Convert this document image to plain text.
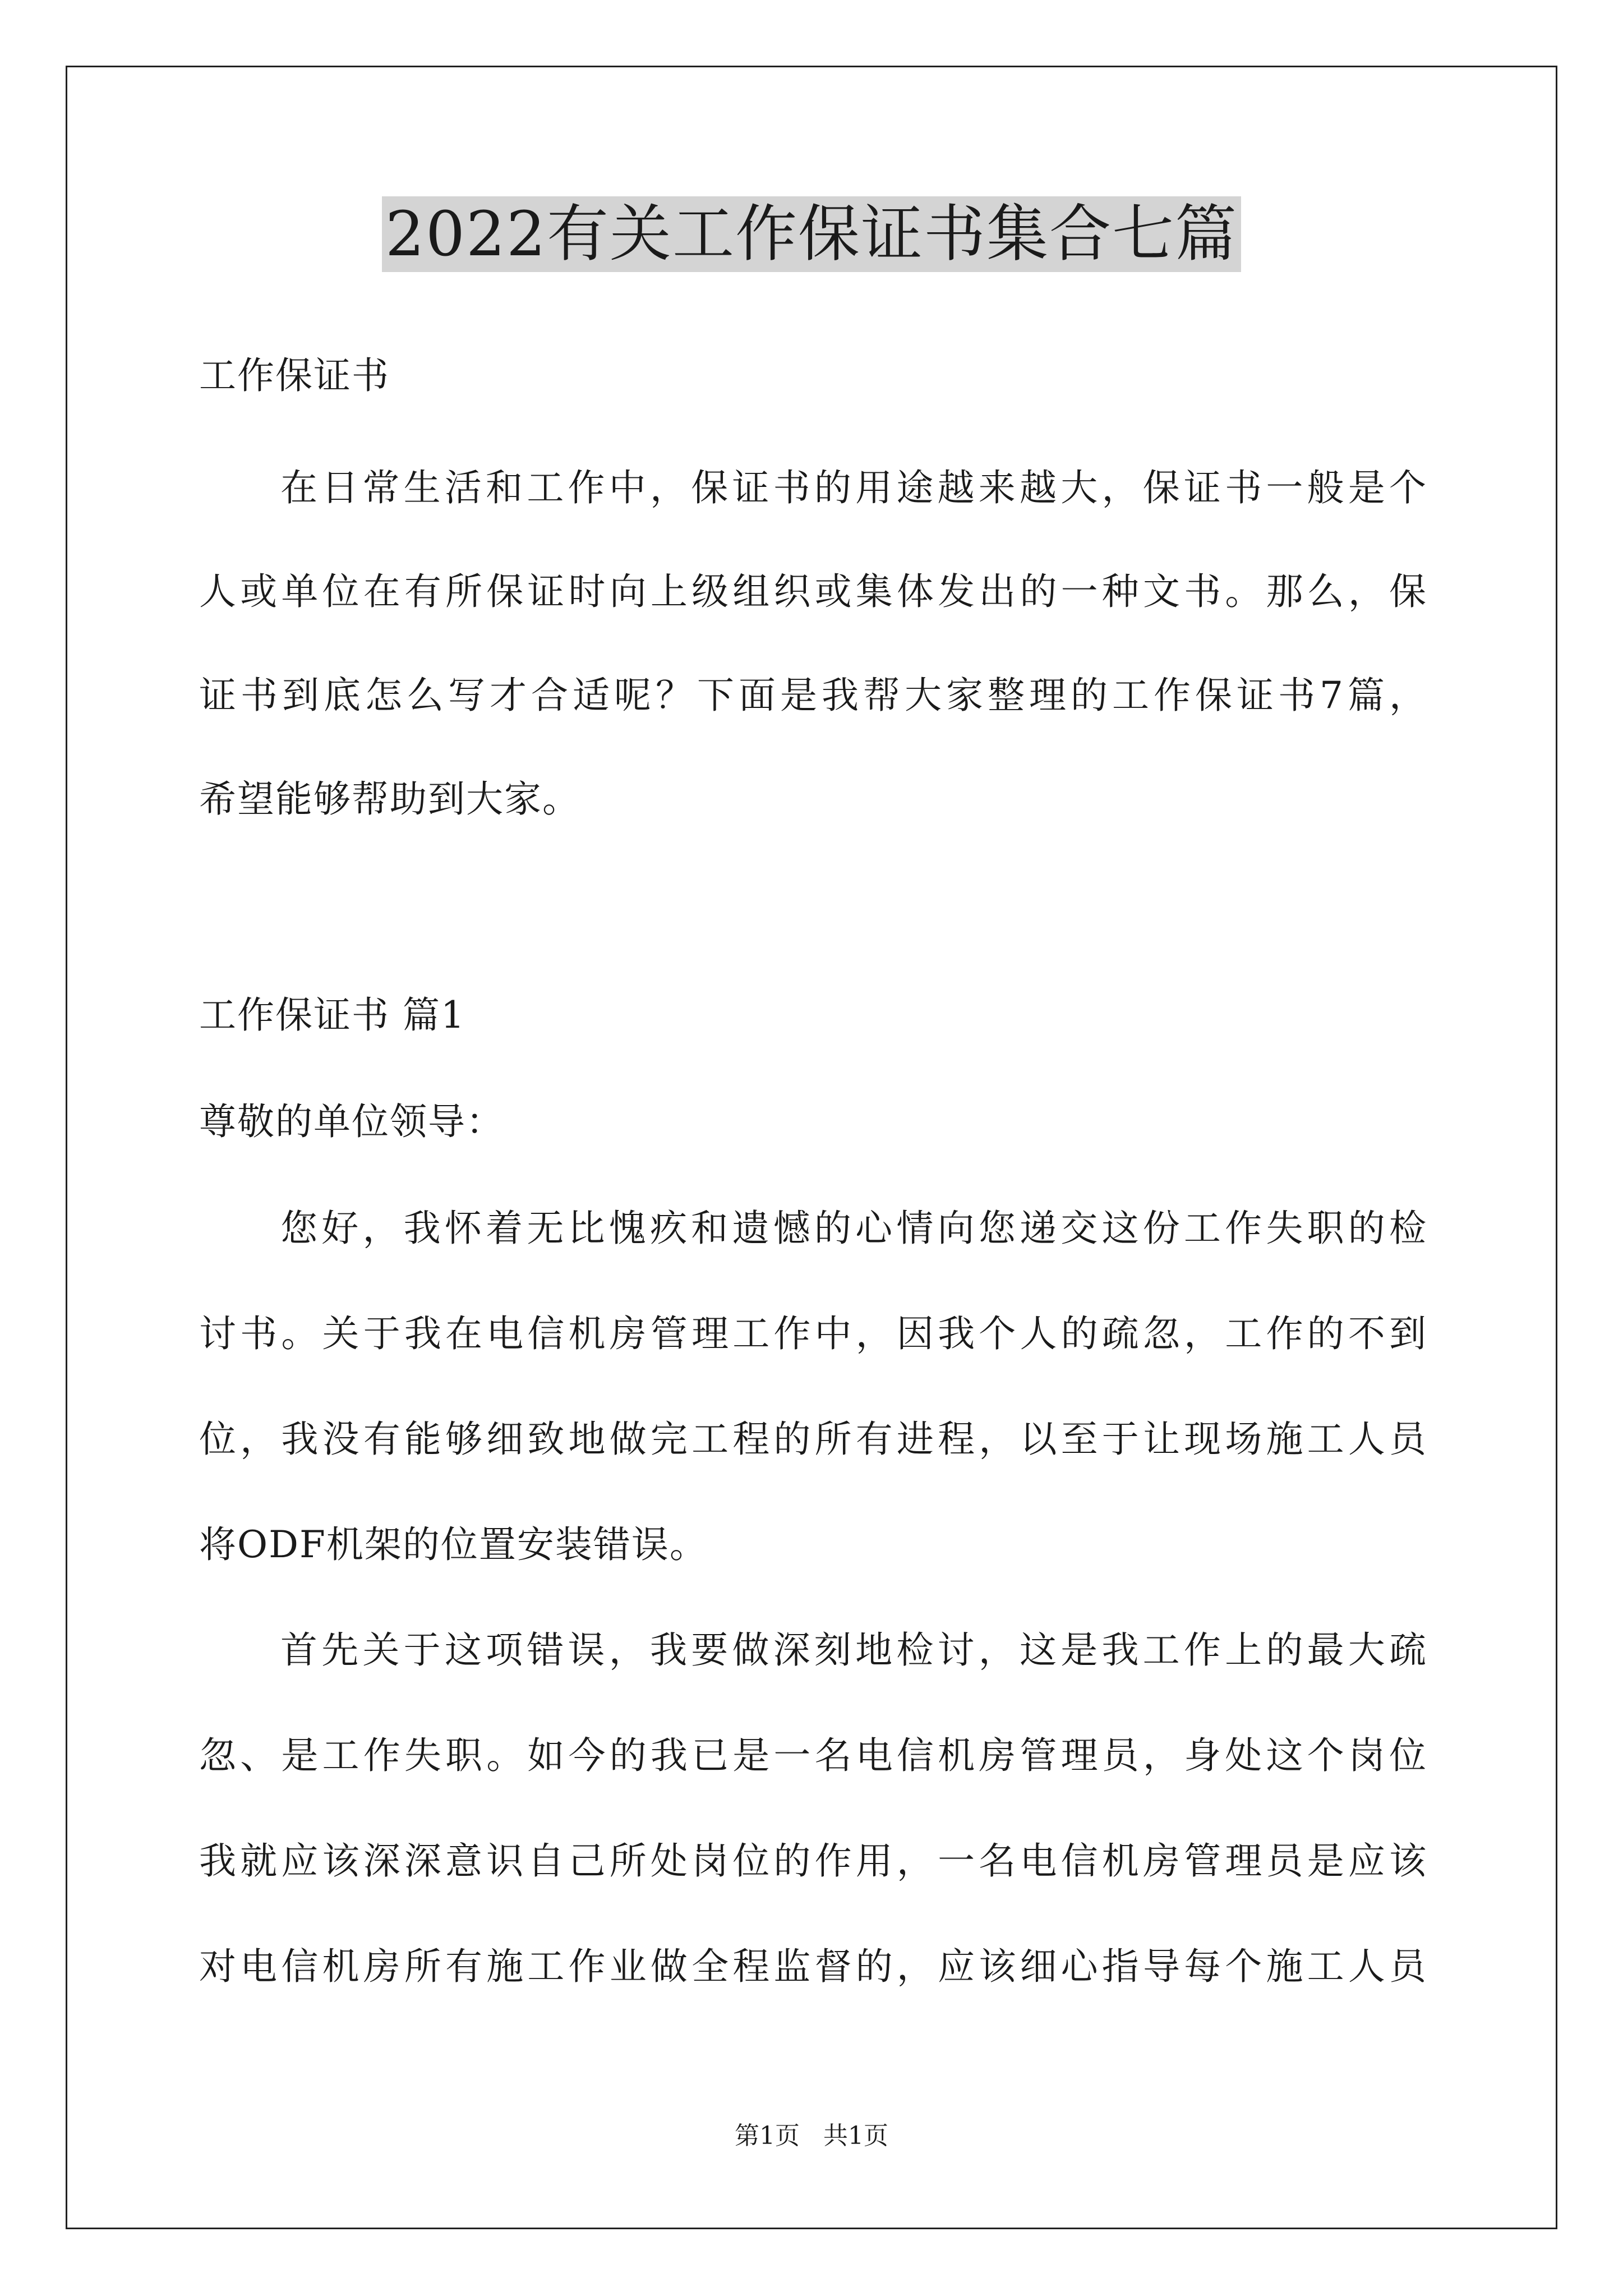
2022有关工作保证书集合七篇
工作保证书
在日常生活和工作中，保证书的用途越来越大，保证书一般是个
人或单位在有所保证时向上级组织或集体发出的一种文书。那么，保
证书到底怎么写才合适呢？下面是我帮大家整理的工作保证书7篇，
希望能够帮助到大家。
工作保证书 篇1
尊敬的单位领导：
您好，我怀着无比愧疚和遗憾的心情向您递交这份工作失职的检
讨书。关于我在电信机房管理工作中，因我个人的疏忽，工作的不到
位，我没有能够细致地做完工程的所有进程，以至于让现场施工人员
将ODF机架的位置安装错误。
首先关于这项错误，我要做深刻地检讨，这是我工作上的最大疏
忽、是工作失职。如今的我已是一名电信机房管理员，身处这个岗位
我就应该深深意识自己所处岗位的作用，一名电信机房管理员是应该
对电信机房所有施工作业做全程监督的，应该细心指导每个施工人员
第1页   共1页
